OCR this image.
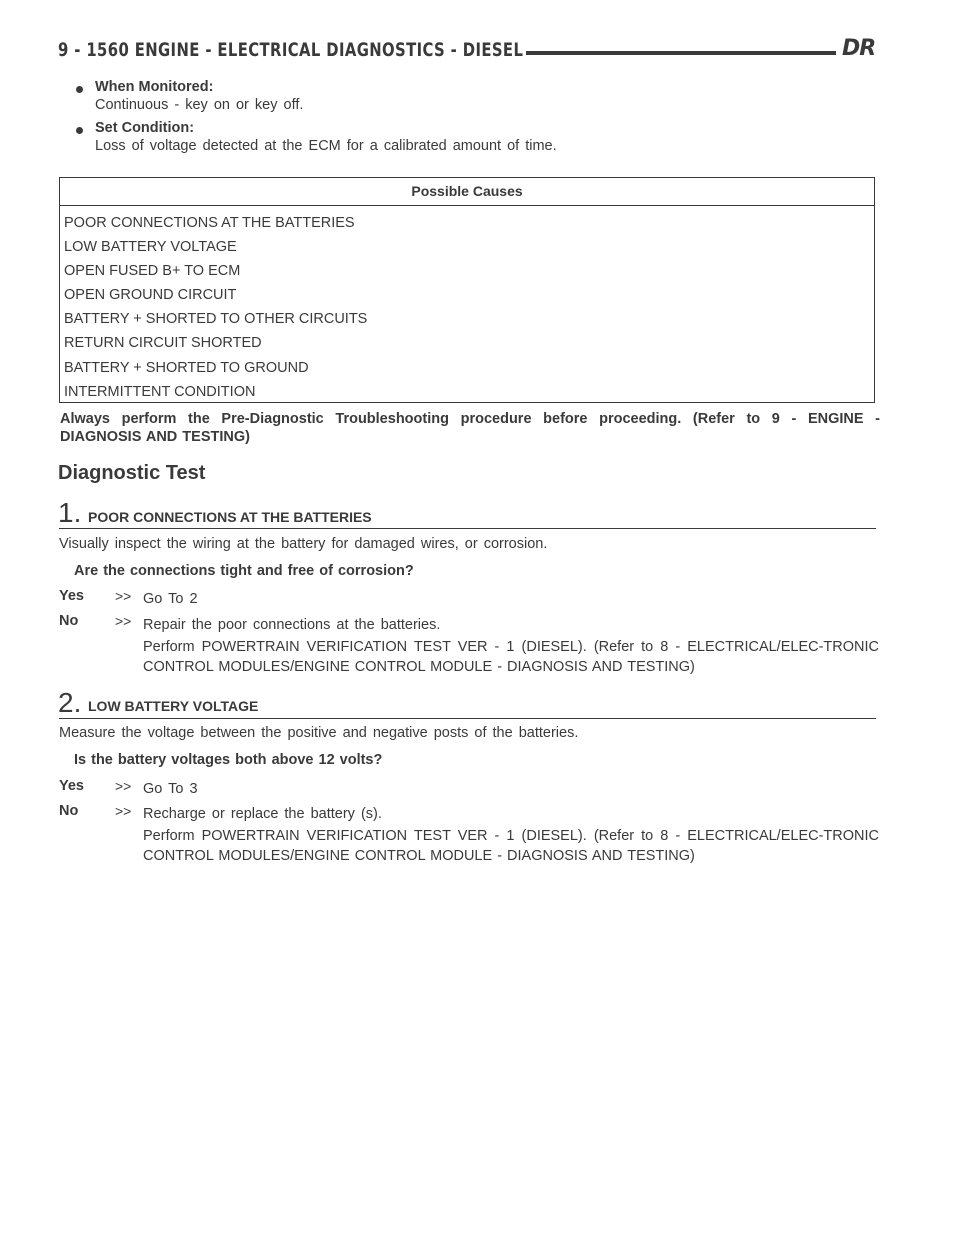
9 - 1560 ENGINE - ELECTRICAL DIAGNOSTICS - DIESEL	DR
When Monitored:
Continuous - key on or key off.
Set Condition:
Loss of voltage detected at the ECM for a calibrated amount of time.
Possible Causes
POOR CONNECTIONS AT THE BATTERIES
LOW BATTERY VOLTAGE
OPEN FUSED B+ TO ECM
OPEN GROUND CIRCUIT
BATTERY + SHORTED TO OTHER CIRCUITS
RETURN CIRCUIT SHORTED
BATTERY + SHORTED TO GROUND
INTERMITTENT CONDITION
Always perform the Pre-Diagnostic Troubleshooting procedure before proceeding. (Refer to 9 - ENGINE - DIAGNOSIS AND TESTING)
Diagnostic Test
1. POOR CONNECTIONS AT THE BATTERIES
Visually inspect the wiring at the battery for damaged wires, or corrosion.
Are the connections tight and free of corrosion?
Yes >> Go To 2
No	>> Repair the poor connections at the batteries.
Perform POWERTRAIN VERIFICATION TEST VER - 1 (DIESEL). (Refer to 8 - ELECTRICAL/ELEC-TRONIC CONTROL MODULES/ENGINE CONTROL MODULE - DIAGNOSIS AND TESTING)
2. LOW BATTERY VOLTAGE
Measure the voltage between the positive and negative posts of the batteries.
Is the battery voltages both above 12 volts?
Yes >> Go To 3
No	>> Recharge or replace the battery (s).
Perform POWERTRAIN VERIFICATION TEST VER - 1 (DIESEL). (Refer to 8 - ELECTRICAL/ELEC-TRONIC CONTROL MODULES/ENGINE CONTROL MODULE - DIAGNOSIS AND TESTING)
